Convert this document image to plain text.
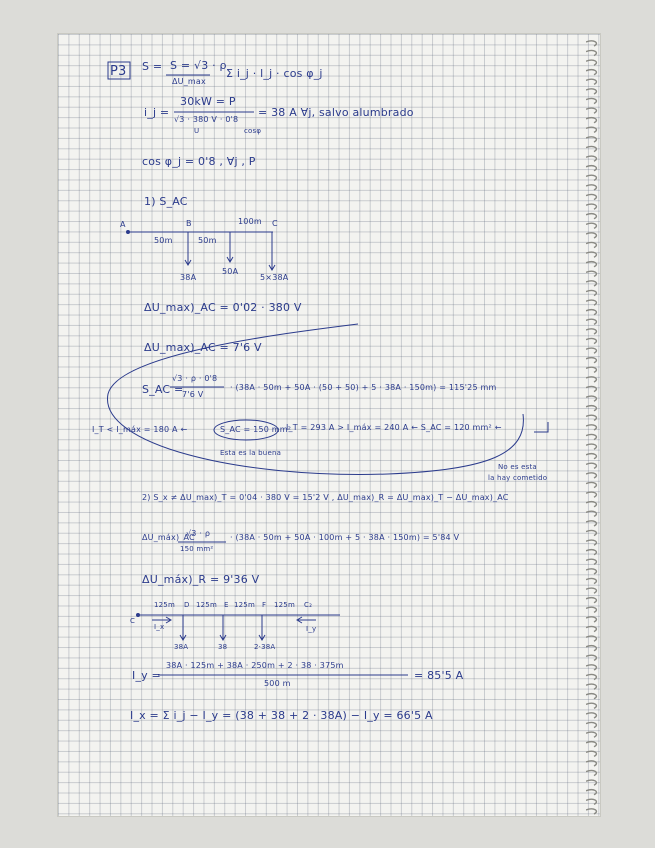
P3 S = S = √3 · ρ
ΔU_max
Σ i_j · l_j · cos φ_j
i_j =
30kW = P
√3 · 380 V · 0'8
U	cosφ
= 38 A ∀j, salvo alumbrado
cos φ_j = 0'8 , ∀j , P
1) S_AC
A	B	100m C
50m	50m
38A
50A
5×38A
ΔU_max)_AC = 0'02 · 380 V
ΔU_max)_AC = 7'6 V
S_AC =
√3 · ρ · 0'8
7'6 V
· (38A · 50m + 50A · (50 + 50) + 5 · 38A · 150m) = 115'25 mm
I_T < I_máx = 180 A ←	S_AC = 150 mm²
I_T = 293 A > I_máx = 240 A ← S_AC = 120 mm² ←
Esta es la buena
No es esta
la hay cometido
2) S_x ≠ ΔU_max)_T = 0'04 · 380 V = 15'2 V , ΔU_max)_R = ΔU_max)_T − ΔU_max)_AC
ΔU_máx)_AC
√3 · ρ
150 mm²
· (38A · 50m + 50A · 100m + 5 · 38A · 150m) = 5'84 V
ΔU_máx)_R = 9'36 V
C
I_x
125m D 125m E 125m F 125m C₂
I_y
38A	38	2·38A
I_y =
38A · 125m + 38A · 250m + 2 · 38 · 375m
500 m
= 85'5 A
I_x = Σ i_j − I_y = (38 + 38 + 2 · 38A) − I_y = 66'5 A
